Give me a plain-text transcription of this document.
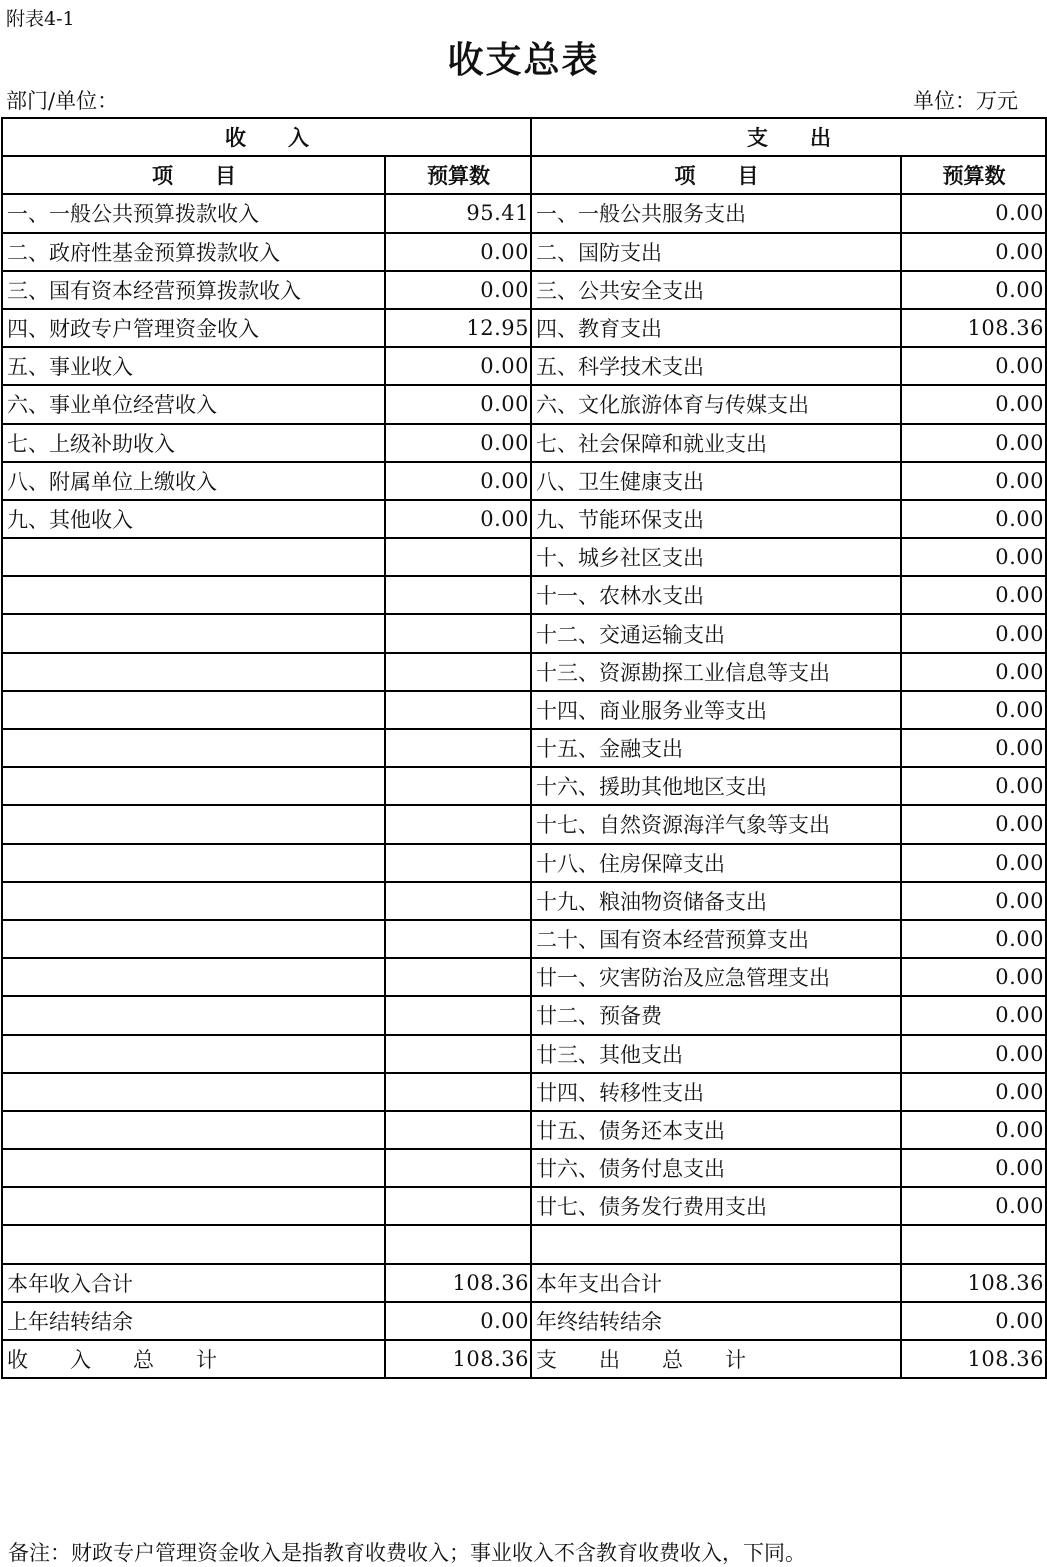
附表4-1
收支总表
部门/单位：	单位：万元
收　　入		支　　出	
项　　目	预算数	项　　目	预算数
一、一般公共预算拨款收入	95.41	一、一般公共服务支出	0.00
二、政府性基金预算拨款收入	0.00	二、国防支出	0.00
三、国有资本经营预算拨款收入	0.00	三、公共安全支出	0.00
四、财政专户管理资金收入	12.95	四、教育支出	108.36
五、事业收入	0.00	五、科学技术支出	0.00
六、事业单位经营收入	0.00	六、文化旅游体育与传媒支出	0.00
七、上级补助收入	0.00	七、社会保障和就业支出	0.00
八、附属单位上缴收入	0.00	八、卫生健康支出	0.00
九、其他收入	0.00	九、节能环保支出	0.00
		十、城乡社区支出	0.00
		十一、农林水支出	0.00
		十二、交通运输支出	0.00
		十三、资源勘探工业信息等支出	0.00
		十四、商业服务业等支出	0.00
		十五、金融支出	0.00
		十六、援助其他地区支出	0.00
		十七、自然资源海洋气象等支出	0.00
		十八、住房保障支出	0.00
		十九、粮油物资储备支出	0.00
		二十、国有资本经营预算支出	0.00
		廿一、灾害防治及应急管理支出	0.00
		廿二、预备费	0.00
		廿三、其他支出	0.00
		廿四、转移性支出	0.00
		廿五、债务还本支出	0.00
		廿六、债务付息支出	0.00
		廿七、债务发行费用支出	0.00

本年收入合计	108.36	本年支出合计	108.36
上年结转结余	0.00	年终结转结余	0.00
收　　入　　总　　计	108.36	支　　出　　总　　计	108.36
备注：财政专户管理资金收入是指教育收费收入；事业收入不含教育收费收入，下同。
